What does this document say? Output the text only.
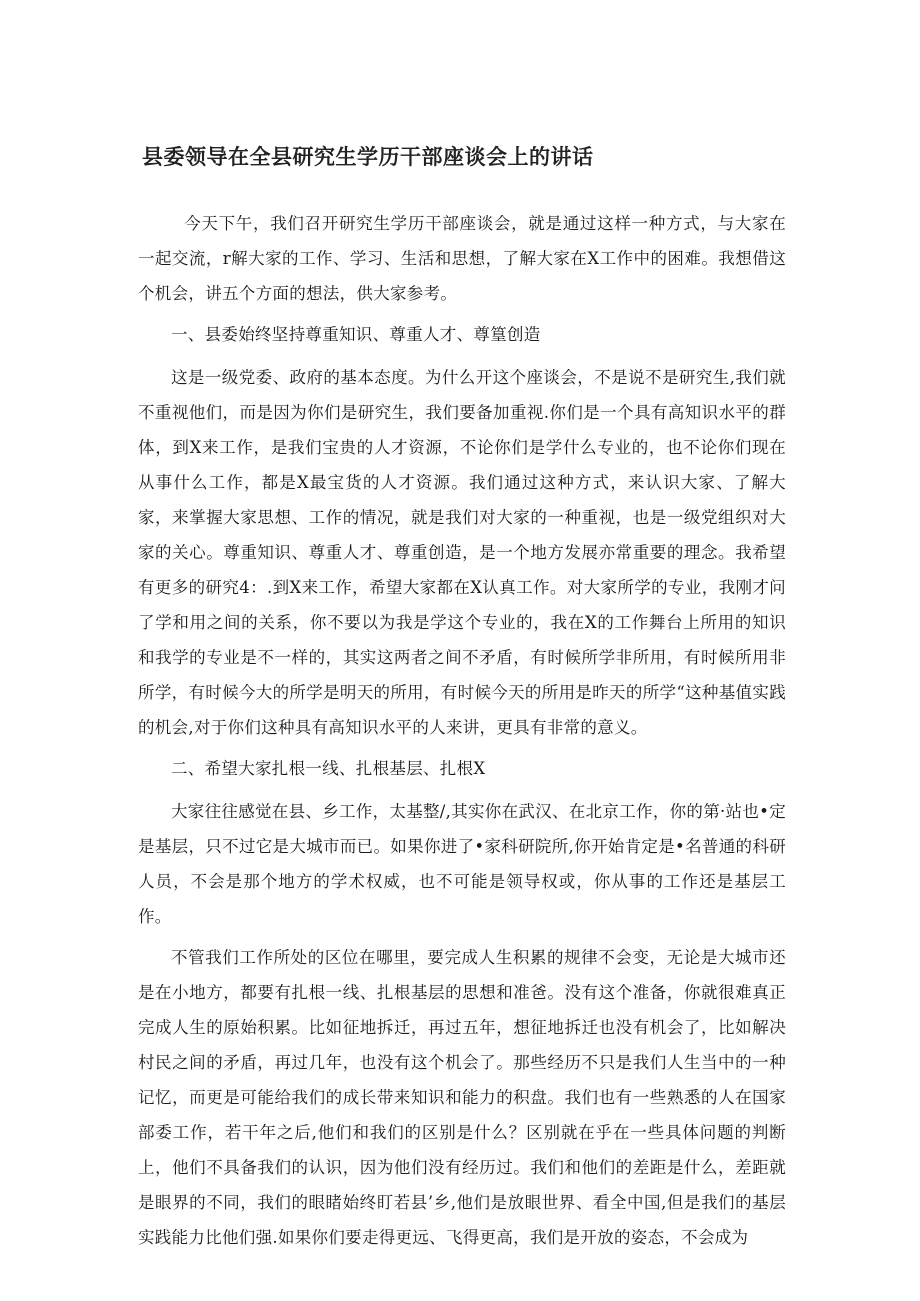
县委领导在全县研究生学历干部座谈会上的讲话

今天下午，我们召开研究生学历干部座谈会，就是通过这样一种方式，与大家在一起交流，r解大家的工作、学习、生活和思想，了解大家在X工作中的困难。我想借这个机会，讲五个方面的想法，供大家参考。

一、县委始终坚持尊重知识、尊重人才、尊篁创造

这是一级党委、政府的基本态度。为什么开这个座谈会，不是说不是研究生,我们就不重视他们，而是因为你们是研究生，我们要备加重视.你们是一个具有高知识水平的群体，到X来工作，是我们宝贵的人才资源，不论你们是学什么专业的，也不论你们现在从事什么工作，都是X最宝货的人才资源。我们通过这种方式，来认识大家、了解大家，来掌握大家思想、工作的情况，就是我们对大家的一种重视，也是一级党组织对大家的关心。尊重知识、尊重人才、尊重创造，是一个地方发展亦常重要的理念。我希望有更多的研究4：.到X来工作，希望大家都在X认真工作。对大家所学的专业，我刚才问了学和用之间的关系，你不要以为我是学这个专业的，我在X的工作舞台上所用的知识和我学的专业是不一样的，其实这两者之间不矛盾，有时候所学非所用，有时候所用非所学，有时候今大的所学是明天的所用，有时候今天的所用是昨天的所学“这种基值实践的机会,对于你们这种具有高知识水平的人来讲，更具有非常的意义。

二、希望大家扎根一线、扎根基层、扎根X

大家往往感觉在县、乡工作，太基整/,其实你在武汉、在北京工作，你的第·站也•定是基层，只不过它是大城市而已。如果你进了•家科研院所,你开始肯定是•名普通的科研人员，不会是那个地方的学术权威，也不可能是领导权或，你从事的工作还是基层工作。

不管我们工作所处的区位在哪里，要完成人生积累的规律不会变，无论是大城市还是在小地方，都要有扎根一线、扎根基层的思想和准爸。没有这个准备，你就很难真正完成人生的原始积累。比如征地拆迁，再过五年，想征地拆迁也没有机会了，比如解决村民之间的矛盾，再过几年，也没有这个机会了。那些经历不只是我们人生当中的一种记忆，而更是可能给我们的成长带来知识和能力的积盘。我们也有一些熟悉的人在国家部委工作，若干年之后,他们和我们的区别是什么？区别就在乎在一些具体问题的判断上，他们不具备我们的认识，因为他们没有经历过。我们和他们的差距是什么，差距就是眼界的不同，我们的眼睹始终盯若县’乡,他们是放眼世界、看全中国,但是我们的基层实践能力比他们强.如果你们要走得更远、飞得更高，我们是开放的姿态，不会成为
